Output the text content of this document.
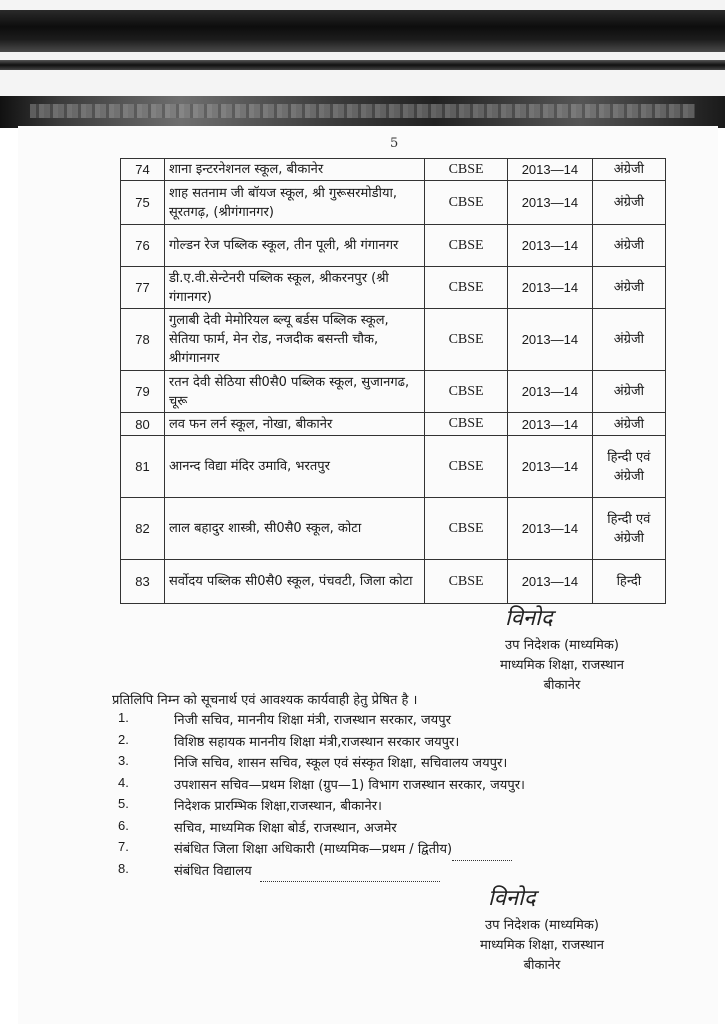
5
74	शाना इन्टरनेशनल स्कूल, बीकानेर	CBSE	2013—14	अंग्रेजी
75	शाह सतनाम जी बॉयज स्कूल, श्री गुरूसरमोडीया, सूरतगढ़, (श्रीगंगानगर)	CBSE	2013—14	अंग्रेजी
76	गोल्डन रेज पब्लिक स्कूल, तीन पूली, श्री गंगानगर	CBSE	2013—14	अंग्रेजी
77	डी.ए.वी.सेन्टेनरी पब्लिक स्कूल, श्रीकरनपुर (श्री गंगानगर)	CBSE	2013—14	अंग्रेजी
78	गुलाबी देवी मेमोरियल ब्ल्यू बर्डस पब्लिक स्कूल, सेतिया फार्म, मेन रोड, नजदीक बसन्ती चौक, श्रीगंगानगर	CBSE	2013—14	अंग्रेजी
79	रतन देवी सेठिया सी0सै0 पब्लिक स्कूल, सुजानगढ, चूरू	CBSE	2013—14	अंग्रेजी
80	लव फन लर्न स्कूल, नोखा, बीकानेर	CBSE	2013—14	अंग्रेजी
81	आनन्द विद्या मंदिर उमावि, भरतपुर	CBSE	2013—14	हिन्दी एवं अंग्रेजी
82	लाल बहादुर शास्त्री, सी0सै0 स्कूल, कोटा	CBSE	2013—14	हिन्दी एवं अंग्रेजी
83	सर्वोदय पब्लिक सी0सै0 स्कूल, पंचवटी, जिला कोटा	CBSE	2013—14	हिन्दी
विनोद
उप निदेशक (माध्यमिक)
माध्यमिक शिक्षा, राजस्थान
बीकानेर
प्रतिलिपि निम्न को सूचनार्थ एवं आवश्यक कार्यवाही हेतु प्रेषित है ।
1.	निजी सचिव, माननीय शिक्षा मंत्री, राजस्थान सरकार, जयपुर
2.	विशिष्ठ सहायक माननीय शिक्षा मंत्री,राजस्थान सरकार जयपुर।
3.	निजि सचिव, शासन सचिव, स्कूल एवं संस्कृत शिक्षा, सचिवालय जयपुर।
4.	उपशासन सचिव—प्रथम शिक्षा (ग्रुप—1) विभाग राजस्थान सरकार, जयपुर।
5.	निदेशक प्रारम्भिक शिक्षा,राजस्थान, बीकानेर।
6.	सचिव, माध्यमिक शिक्षा बोर्ड, राजस्थान, अजमेर
7.	संबंधित जिला शिक्षा अधिकारी (माध्यमिक—प्रथम / द्वितीय)
8.	संबंधित विद्यालय
विनोद
उप निदेशक (माध्यमिक)
माध्यमिक शिक्षा, राजस्थान
बीकानेर
